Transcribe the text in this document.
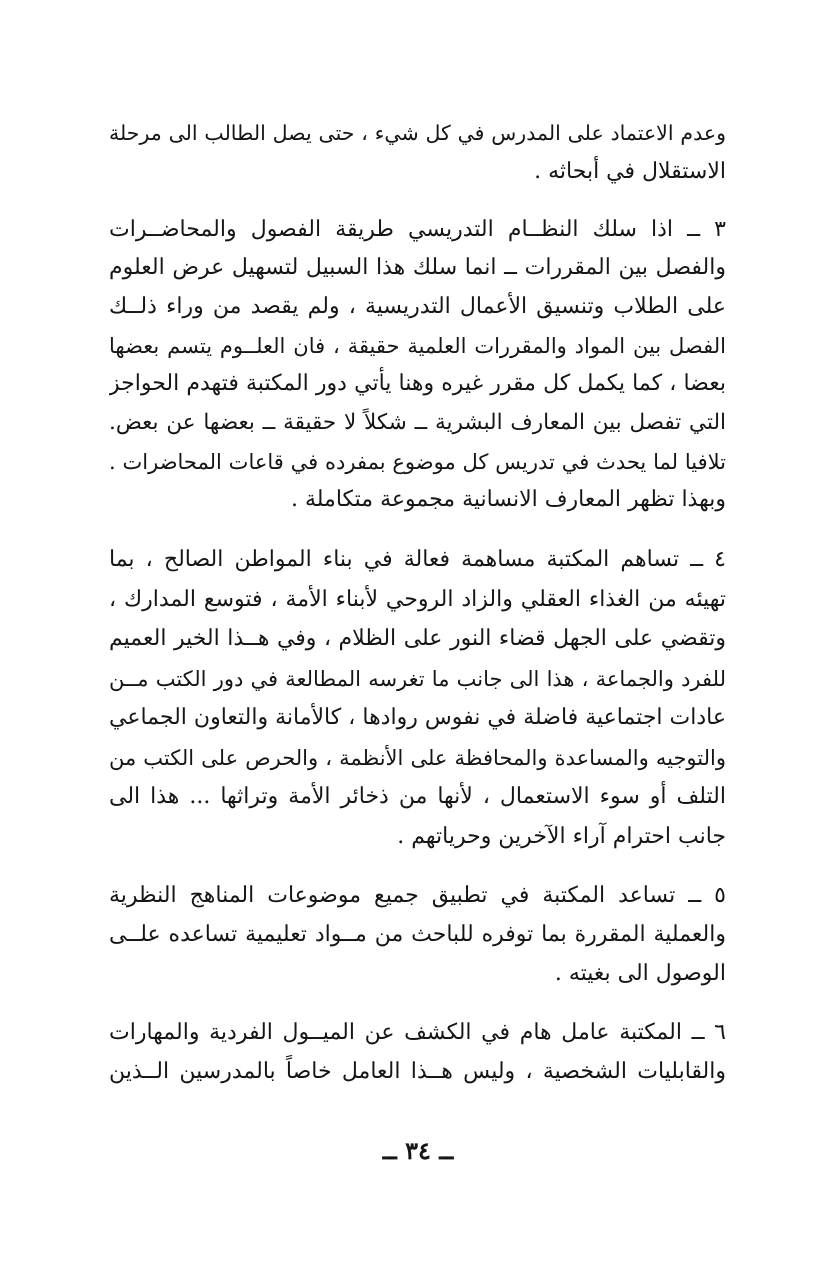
وعدم الاعتماد على المدرس في كل شيء ، حتى يصل الطالب الى مرحلة
الاستقلال في أبحاثه .
٣ ــ اذا سلك النظــام التدريسي طريقة الفصول والمحاضــرات
والفصل بين المقررات ــ انما سلك هذا السبيل لتسهيل عرض العلوم
على الطلاب وتنسيق الأعمال التدريسية ، ولم يقصد من وراء ذلــك
الفصل بين المواد والمقررات العلمية حقيقة ، فان العلــوم يتسم بعضها
بعضا ، كما يكمل كل مقرر غيره وهنا يأتي دور المكتبة فتهدم الحواجز
التي تفصل بين المعارف البشرية ــ شكلاً لا حقيقة ــ بعضها عن بعض.
تلافيا لما يحدث في تدريس كل موضوع بمفرده في قاعات المحاضرات .
وبهذا تظهر المعارف الانسانية مجموعة متكاملة .
٤ ــ تساهم المكتبة مساهمة فعالة في بناء المواطن الصالح ، بما
تهيئه من الغذاء العقلي والزاد الروحي لأبناء الأمة ، فتوسع المدارك ،
وتقضي على الجهل قضاء النور على الظلام ، وفي هــذا الخير العميم
للفرد والجماعة ، هذا الى جانب ما تغرسه المطالعة في دور الكتب مــن
عادات اجتماعية فاضلة في نفوس روادها ، كالأمانة والتعاون الجماعي
والتوجيه والمساعدة والمحافظة على الأنظمة ، والحرص على الكتب من
التلف أو سوء الاستعمال ، لأنها من ذخائر الأمة وتراثها ... هذا الى
جانب احترام آراء الآخرين وحرياتهم .
٥ ــ تساعد المكتبة في تطبيق جميع موضوعات المناهج النظرية
والعملية المقررة بما توفره للباحث من مــواد تعليمية تساعده علــى
الوصول الى بغيته .
٦ ــ المكتبة عامل هام في الكشف عن الميــول الفردية والمهارات
والقابليات الشخصية ، وليس هــذا العامل خاصاً بالمدرسين الــذين
ــ ٣٤ ــ
